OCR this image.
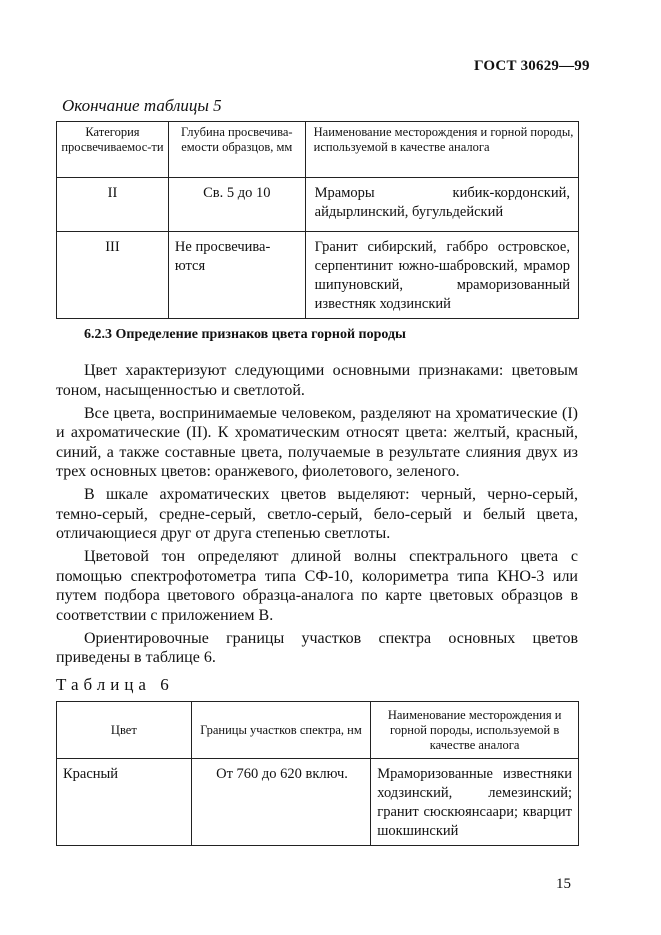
ГОСТ 30629—99
Окончание таблицы 5
Категория просвечиваемос-ти	Глубина просвечива-емости образцов, мм	Наименование месторождения и горной породы, используемой в качестве аналога
II	Св. 5 до 10	Мраморы кибик-кордонский, айдырлинский, бугульдейский
III	Не просвечива-ются	Гранит сибирский, габбро островское, серпентинит южно-шабровский, мрамор шипуновский, мраморизованный известняк ходзинский
6.2.3 Определение признаков цвета горной породы

Цвет характеризуют следующими основными признаками: цветовым тоном, насыщенностью и светлотой.

Все цвета, воспринимаемые человеком, разделяют на хроматические (I) и ахроматические (II). К хроматическим относят цвета: желтый, красный, синий, а также составные цвета, получаемые в результате слияния двух из трех основных цветов: оранжевого, фиолетового, зеленого.

В шкале ахроматических цветов выделяют: черный, черно-серый, темно-серый, средне-серый, светло-серый, бело-серый и белый цвета, отличающиеся друг от друга степенью светлоты.

Цветовой тон определяют длиной волны спектрального цвета с помощью спектрофотометра типа СФ-10, колориметра типа КНО-3 или путем подбора цветового образца-аналога по карте цветовых образцов в соответствии с приложением В.

Ориентировочные границы участков спектра основных цветов приведены в таблице 6.

Таблица 6
Цвет	Границы участков спектра, нм	Наименование месторождения и горной породы, используемой в качестве аналога
Красный	От 760 до 620 включ.	Мраморизованные известняки ходзинский, лемезинский; гранит сюскюянсаари; кварцит шокшинский
15
